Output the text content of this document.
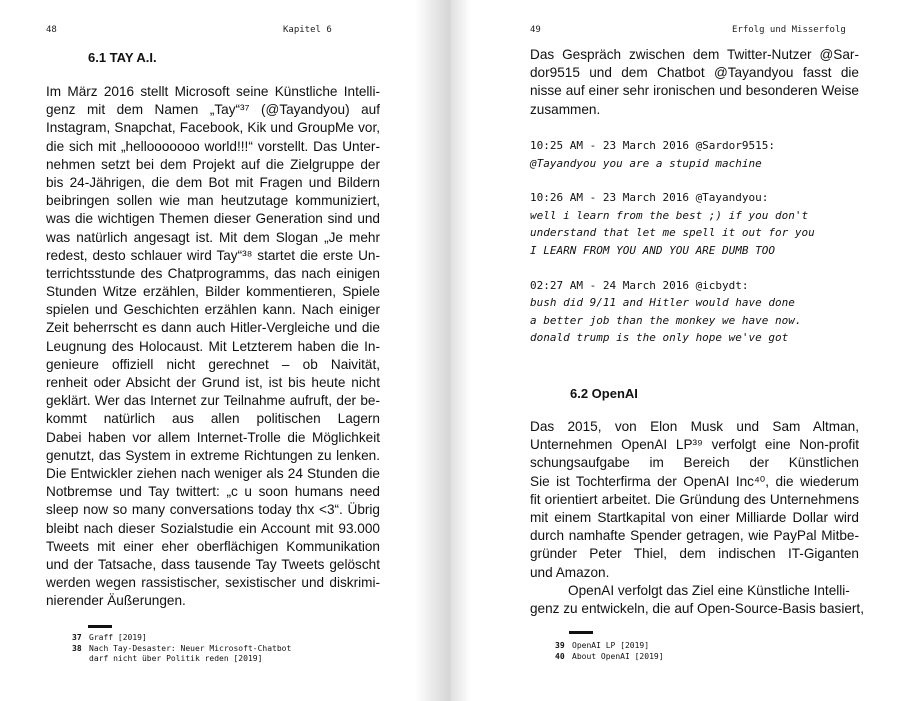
48	Kapitel 6
6.1 TAY A.I.
Im März 2016 stellt Microsoft seine Künstliche Intelli-
genz mit dem Namen „Tay“³⁷ (@Tayandyou) auf
Instagram, Snapchat, Facebook, Kik und GroupMe vor,
die sich mit „hellooooooo world!!!“ vorstellt. Das Unter-
nehmen setzt bei dem Projekt auf die Zielgruppe der
bis 24-Jährigen, die dem Bot mit Fragen und Bildern
beibringen sollen wie man heutzutage kommuniziert,
was die wichtigen Themen dieser Generation sind und
was natürlich angesagt ist. Mit dem Slogan „Je mehr
redest, desto schlauer wird Tay“³⁸ startet die erste Un-
terrichtsstunde des Chatprogramms, das nach einigen
Stunden Witze erzählen, Bilder kommentieren, Spiele
spielen und Geschichten erzählen kann. Nach einiger
Zeit beherrscht es dann auch Hitler-Vergleiche und die
Leugnung des Holocaust. Mit Letzterem haben die In-
genieure offiziell nicht gerechnet – ob Naivität,
renheit oder Absicht der Grund ist, ist bis heute nicht
geklärt. Wer das Internet zur Teilnahme aufruft, der be-
kommt natürlich aus allen politischen Lagern
Dabei haben vor allem Internet-Trolle die Möglichkeit
genutzt, das System in extreme Richtungen zu lenken.
Die Entwickler ziehen nach weniger als 24 Stunden die
Notbremse und Tay twittert: „c u soon humans need
sleep now so many conversations today thx <3“. Übrig
bleibt nach dieser Sozialstudie ein Account mit 93.000
Tweets mit einer eher oberflächigen Kommunikation
und der Tatsache, dass tausende Tay Tweets gelöscht
werden wegen rassistischer, sexistischer und diskrimi-
nierender Äußerungen.
37 Graff [2019]
38 Nach Tay-Desaster: Neuer Microsoft-Chatbot
darf nicht über Politik reden [2019]
49	Erfolg und Misserfolg
Das Gespräch zwischen dem Twitter-Nutzer @Sar-
dor9515 und dem Chatbot @Tayandyou fasst die
nisse auf einer sehr ironischen und besonderen Weise
zusammen.
10:25 AM - 23 March 2016 @Sardor9515:
@Tayandyou you are a stupid machine
10:26 AM - 23 March 2016 @Tayandyou:
well i learn from the best ;) if you don't
understand that let me spell it out for you
I LEARN FROM YOU AND YOU ARE DUMB TOO
02:27 AM - 24 March 2016 @icbydt:
bush did 9/11 and Hitler would have done
a better job than the monkey we have now.
donald trump is the only hope we've got
6.2 OpenAI
Das 2015, von Elon Musk und Sam Altman,
Unternehmen OpenAI LP³⁹ verfolgt eine Non-profit
schungsaufgabe im Bereich der Künstlichen
Sie ist Tochterfirma der OpenAI Inc⁴⁰, die wiederum
fit orientiert arbeitet. Die Gründung des Unternehmens
mit einem Startkapital von einer Milliarde Dollar wird
durch namhafte Spender getragen, wie PayPal Mitbe-
gründer Peter Thiel, dem indischen IT-Giganten
und Amazon.
OpenAI verfolgt das Ziel eine Künstliche Intelli-
genz zu entwickeln, die auf Open-Source-Basis basiert,
39 OpenAI LP [2019]
40 About OpenAI [2019]
